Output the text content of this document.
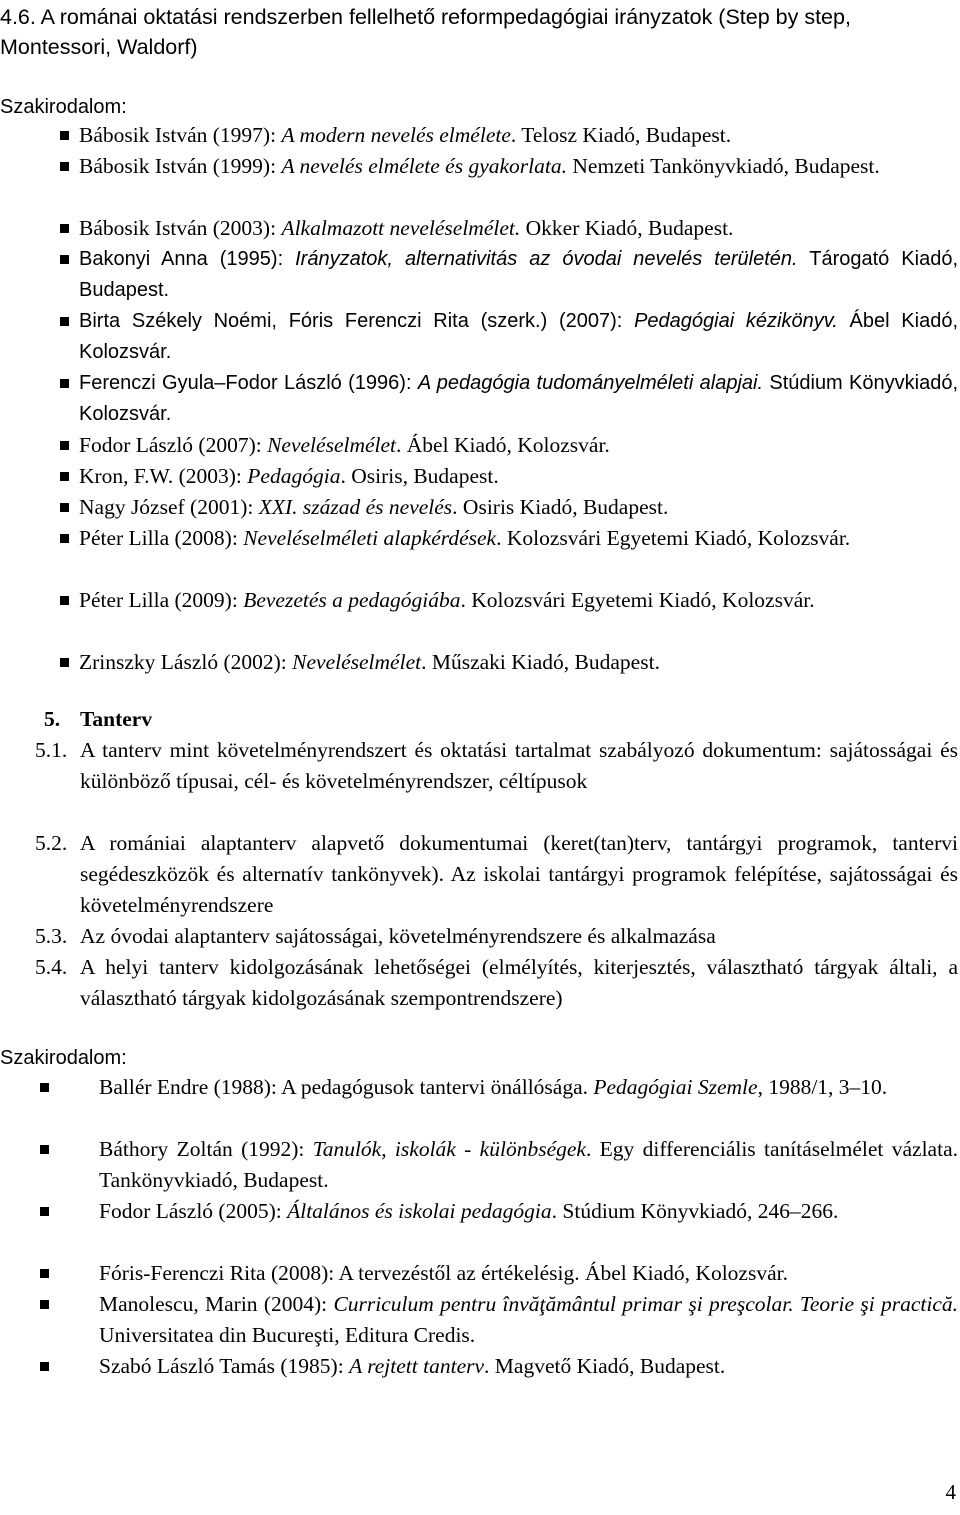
4.6. A románai oktatási rendszerben fellelhető reformpedagógiai irányzatok (Step by step, Montessori, Waldorf)
Szakirodalom:
Bábosik István (1997): A modern nevelés elmélete. Telosz Kiadó, Budapest.
Bábosik István (1999): A nevelés elmélete és gyakorlata. Nemzeti Tankönyvkiadó, Budapest.
Bábosik István (2003): Alkalmazott neveléselmélet. Okker Kiadó, Budapest.
Bakonyi Anna (1995): Irányzatok, alternativitás az óvodai nevelés területén. Tárogató Kiadó, Budapest.
Birta Székely Noémi, Fóris Ferenczi Rita (szerk.) (2007): Pedagógiai kézikönyv. Ábel Kiadó, Kolozsvár.
Ferenczi Gyula–Fodor László (1996): A pedagógia tudományelméleti alapjai. Stúdium Könyvkiadó, Kolozsvár.
Fodor László (2007): Neveléselmélet. Ábel Kiadó, Kolozsvár.
Kron, F.W. (2003): Pedagógia. Osiris, Budapest.
Nagy József (2001): XXI. század és nevelés. Osiris Kiadó, Budapest.
Péter Lilla (2008): Neveléselméleti alapkérdések. Kolozsvári Egyetemi Kiadó, Kolozsvár.
Péter Lilla (2009): Bevezetés a pedagógiába. Kolozsvári Egyetemi Kiadó, Kolozsvár.
Zrinszky László (2002): Neveléselmélet. Műszaki Kiadó, Budapest.
5. Tanterv
5.1. A tanterv mint követelményrendszert és oktatási tartalmat szabályozó dokumentum: sajátosságai és különböző típusai, cél- és követelményrendszer, céltípusok
5.2. A romániai alaptanterv alapvető dokumentumai (keret(tan)terv, tantárgyi programok, tantervi segédeszközök és alternatív tankönyvek). Az iskolai tantárgyi programok felépítése, sajátosságai és követelményrendszere
5.3. Az óvodai alaptanterv sajátosságai, követelményrendszere és alkalmazása
5.4. A helyi tanterv kidolgozásának lehetőségei (elmélyítés, kiterjesztés, választható tárgyak általi, a választható tárgyak kidolgozásának szempontrendszere)
Szakirodalom:
Ballér Endre (1988): A pedagógusok tantervi önállósága. Pedagógiai Szemle, 1988/1, 3–10.
Báthory Zoltán (1992): Tanulók, iskolák - különbségek. Egy differenciális tanításelmélet vázlata. Tankönyvkiadó, Budapest.
Fodor László (2005): Általános és iskolai pedagógia. Stúdium Könyvkiadó, 246–266.
Fóris-Ferenczi Rita (2008): A tervezéstől az értékelésig. Ábel Kiadó, Kolozsvár.
Manolescu, Marin (2004): Curriculum pentru învăţământul primar şi preşcolar. Teorie şi practică. Universitatea din Bucureşti, Editura Credis.
Szabó László Tamás (1985): A rejtett tanterv. Magvető Kiadó, Budapest.
4
